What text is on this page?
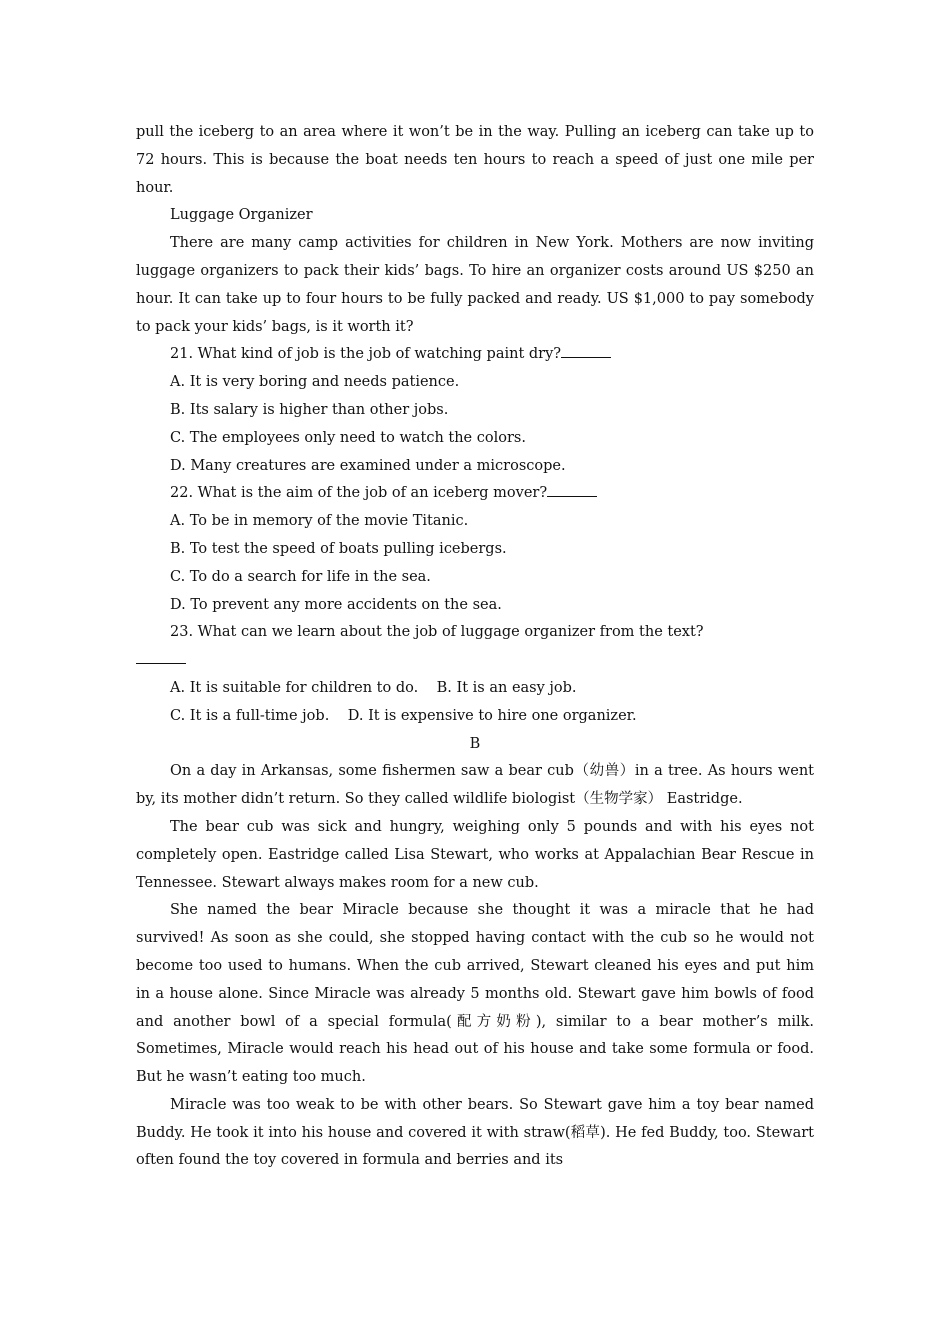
pull the iceberg to an area where it won’t be in the way. Pulling an iceberg can take up to 72 hours. This is because the boat needs ten hours to reach a speed of just one mile per hour.

Luggage Organizer

There are many camp activities for children in New York. Mothers are now inviting luggage organizers to pack their kids’ bags. To hire an organizer costs around US $250 an hour. It can take up to four hours to be fully packed and ready. US $1,000 to pay somebody to pack your kids’ bags, is it worth it?

21. What kind of job is the job of watching paint dry?

A. It is very boring and needs patience.

B. Its salary is higher than other jobs.

C. The employees only need to watch the colors.

D. Many creatures are examined under a microscope.

22. What is the aim of the job of an iceberg mover?

A. To be in memory of the movie Titanic.

B. To test the speed of boats pulling icebergs.

C. To do a search for life in the sea.

D. To prevent any more accidents on the sea.

23. What can we learn about the job of luggage organizer from the text?

A. It is suitable for children to do.    B. It is an easy job.

C. It is a full-time job.    D. It is expensive to hire one organizer.

B

On a day in Arkansas, some fishermen saw a bear cub（幼兽）in a tree. As hours went by, its mother didn’t return. So they called wildlife biologist（生物学家） Eastridge.

The bear cub was sick and hungry, weighing only 5 pounds and with his eyes not completely open. Eastridge called Lisa Stewart, who works at Appalachian Bear Rescue in Tennessee. Stewart always makes room for a new cub.

She named the bear Miracle because she thought it was a miracle that he had survived! As soon as she could, she stopped having contact with the cub so he would not become too used to humans. When the cub arrived, Stewart cleaned his eyes and put him in a house alone. Since Miracle was already 5 months old. Stewart gave him bowls of food and another bowl of a special formula(配方奶粉), similar to a bear mother’s milk. Sometimes, Miracle would reach his head out of his house and take some formula or food. But he wasn’t eating too much.

Miracle was too weak to be with other bears. So Stewart gave him a toy bear named Buddy. He took it into his house and covered it with straw(稻草). He fed Buddy, too. Stewart often found the toy covered in formula and berries and its
